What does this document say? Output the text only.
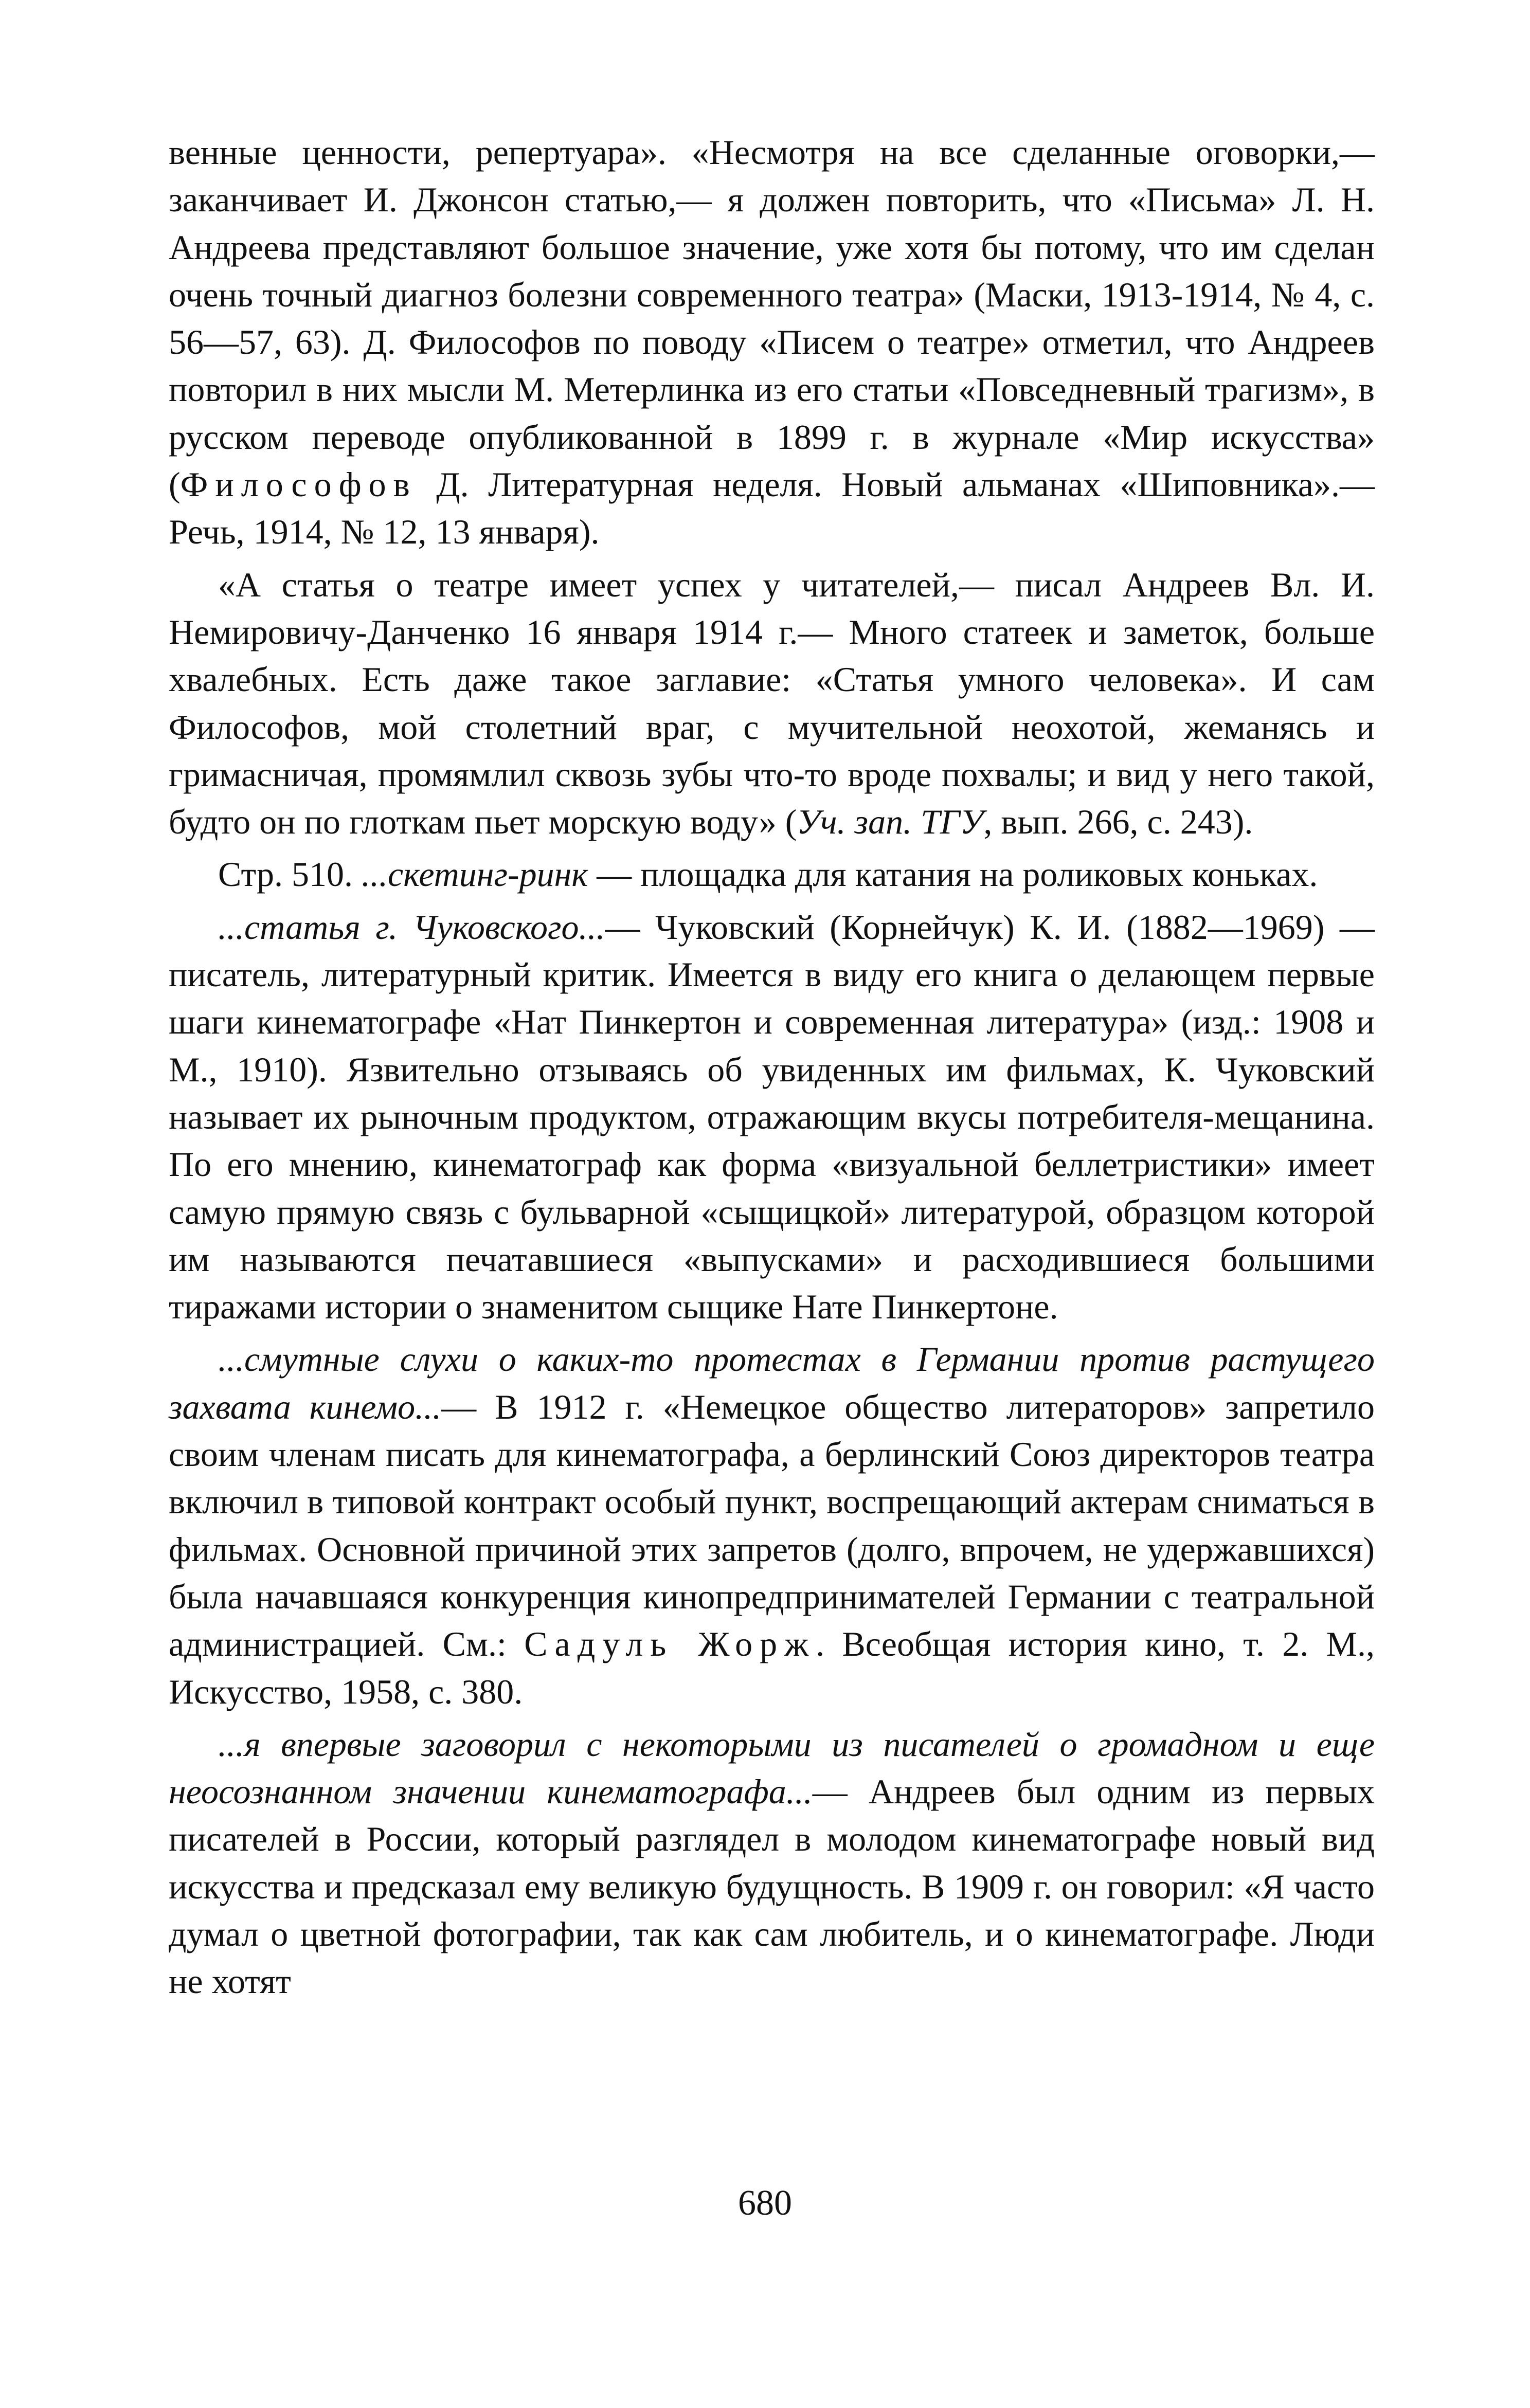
венные ценности, репертуара». «Несмотря на все сделанные оговорки,— заканчивает И. Джонсон статью,— я должен повторить, что «Письма» Л. Н. Андреева представляют большое значение, уже хотя бы потому, что им сделан очень точный диагноз болезни современного театра» (Маски, 1913-1914, № 4, с. 56—57, 63). Д. Философов по поводу «Писем о театре» отметил, что Андреев повторил в них мысли М. Метерлинка из его статьи «Повседневный трагизм», в русском переводе опубликованной в 1899 г. в журнале «Мир искусства» (Философов Д. Литературная неделя. Новый альманах «Шиповника».— Речь, 1914, № 12, 13 января).

«А статья о театре имеет успех у читателей,— писал Андреев Вл. И. Немировичу-Данченко 16 января 1914 г.— Много статеек и заметок, больше хвалебных. Есть даже такое заглавие: «Статья умного человека». И сам Философов, мой столетний враг, с мучительной неохотой, жеманясь и гримасничая, промямлил сквозь зубы что-то вроде похвалы; и вид у него такой, будто он по глоткам пьет морскую воду» (Уч. зап. ТГУ, вып. 266, с. 243).

Стр. 510. ...скетинг-ринк — площадка для катания на роликовых коньках.

...статья г. Чуковского...— Чуковский (Корнейчук) К. И. (1882—1969) — писатель, литературный критик. Имеется в виду его книга о делающем первые шаги кинематографе «Нат Пинкертон и современная литература» (изд.: 1908 и М., 1910). Язвительно отзываясь об увиденных им фильмах, К. Чуковский называет их рыночным продуктом, отражающим вкусы потребителя-мещанина. По его мнению, кинематограф как форма «визуальной беллетристики» имеет самую прямую связь с бульварной «сыщицкой» литературой, образцом которой им называются печатавшиеся «выпусками» и расходившиеся большими тиражами истории о знаменитом сыщике Нате Пинкертоне.

...смутные слухи о каких-то протестах в Германии против растущего захвата кинемо...— В 1912 г. «Немецкое общество литераторов» запретило своим членам писать для кинематографа, а берлинский Союз директоров театра включил в типовой контракт особый пункт, воспрещающий актерам сниматься в фильмах. Основной причиной этих запретов (долго, впрочем, не удержавшихся) была начавшаяся конкуренция кинопредпринимателей Германии с театральной администрацией. См.: Садуль Жорж. Всеобщая история кино, т. 2. М., Искусство, 1958, с. 380.

...я впервые заговорил с некоторыми из писателей о громадном и еще неосознанном значении кинематографа...— Андреев был одним из первых писателей в России, который разглядел в молодом кинематографе новый вид искусства и предсказал ему великую будущность. В 1909 г. он говорил: «Я часто думал о цветной фотографии, так как сам любитель, и о кинематографе. Люди не хотят

680
